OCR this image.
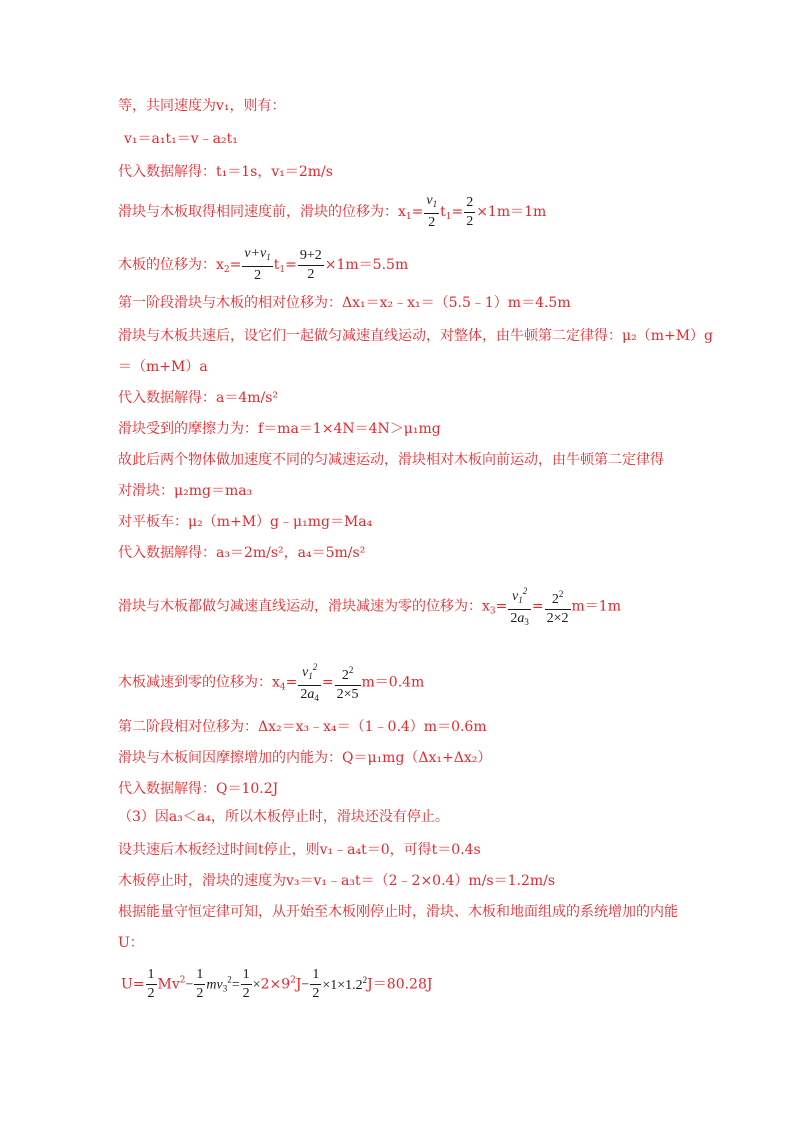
等，共同速度为v₁，则有：
v₁＝a₁t₁＝v﹣a₂t₁
代入数据解得：t₁＝1s，v₁＝2m/s
滑块与木板取得相同速度前，滑块的位移为：$x_1= \frac{v_1}{2} t_1= \frac{2}{2} \times 1m=1m$
木板的位移为：$x_2= \frac{v+v_1}{2} t_1= \frac{9+2}{2} \times 1m=5.5m$
第一阶段滑块与木板的相对位移为：Δx₁＝x₂﹣x₁＝（5.5﹣1）m＝4.5m
滑块与木板共速后，设它们一起做匀减速直线运动，对整体，由牛顿第二定律得：μ₂（m+M）g
＝（m+M）a
代入数据解得：a＝4m/s²
滑块受到的摩擦力为：f＝ma＝1×4N＝4N＞μ₁mg
故此后两个物体做加速度不同的匀减速运动，滑块相对木板向前运动，由牛顿第二定律得
对滑块：μ₂mg＝ma₃
对平板车：μ₂（m+M）g﹣μ₁mg＝Ma₄
代入数据解得：a₃＝2m/s²，a₄＝5m/s²
滑块与木板都做匀减速直线运动，滑块减速为零的位移为：$x_3= \frac{v_1^2}{2a_3} = \frac{2^2}{2\times 2} m=1m$
木板减速到零的位移为：$x_4= \frac{v_1^2}{2a_4} = \frac{2^2}{2\times 5} m=0.4m$
第二阶段相对位移为：Δx₂＝x₃﹣x₄＝（1﹣0.4）m＝0.6m
滑块与木板间因摩擦增加的内能为：Q＝μ₁mg（Δx₁+Δx₂）
代入数据解得：Q＝10.2J
（3）因a₃＜a₄，所以木板停止时，滑块还没有停止。
设共速后木板经过时间t停止，则v₁﹣a₄t＝0，可得t＝0.4s
木板停止时，滑块的速度为v₃＝v₁﹣a₃t＝（2﹣2×0.4）m/s＝1.2m/s
根据能量守恒定律可知，从开始至木板刚停止时，滑块、木板和地面组成的系统增加的内能
U：
$U= \frac{1}{2} Mv^2- \frac{1}{2} mv_3^2= \frac{1}{2} \times 2\times 9^2J- \frac{1}{2} \times 1\times 1.2^2J=80.28J$
